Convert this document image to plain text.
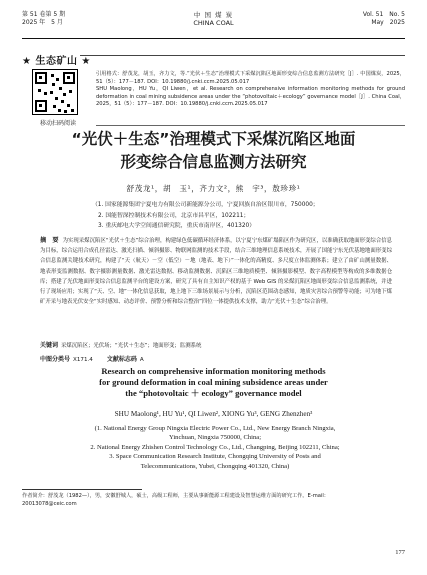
第 51 卷第 5 期
2025 年　5 月
中 国 煤 炭
CHINA COAL
Vol. 51　No. 5
May　2025
★ 生态矿山 ★
移动扫码阅读
引用格式：舒茂龙，胡玉，齐力文，等.“光伏＋生态”治理模式下采煤沉陷区地面形变综合信息监测方法研究［J］. 中国煤炭，2025，51（5）：177－187. DOI：10.19880/j.cnki.ccm.2025.05.017
SHU Maolong，HU Yu，QI Liwen，et al. Research on comprehensive information monitoring methods for ground deformation in coal mining subsidence areas under the “photovoltaic＋ecology” governance model［J］. China Coal，2025，51（5）：177－187. DOI：10.19880/j.cnki.ccm.2025.05.017
“光伏＋生态”治理模式下采煤沉陷区地面
形变综合信息监测方法研究
舒茂龙¹，胡　玉¹，齐力文²，熊　宇³，敖珍珍¹
（1. 国家能源集团宁夏电力有限公司新能源分公司，宁夏回族自治区银川市，750000；
2. 国能智深控制技术有限公司，北京市昌平区，102211；
3. 重庆邮电大学空间通信研究院，重庆市南岸区，401320）
摘　要 为实现采煤沉陷区“光伏＋生态”综合治理，构建绿色低碳循环经济体系，以宁夏宁东煤矿塌陷区作为研究区，以准确获取地面形变综合信息为目标，综合运用合成孔径雷达、激光扫描、倾斜摄影、物联网监测的技术手段，结合三维地理信息系统技术，开展了国能宁东光伏基地地面形变综合信息监测关键技术研究，构建了“天（航天）－空（低空）－地（地表、地下）”一体化的高精度、多尺度立体监测体系；建立了由矿山测量数据、地表形变监测数据、数字摄影测量数据、激光雷达数据、移动监测数据、沉陷区三维地质模型、倾斜摄影模型、数字高程模型等构成的多维数据仓库；搭建了光伏地面形变综合信息监测平台的建设方案，研究了具有自主知识产权的基于 Web GIS 的采煤沉陷区地面形变综合信息监测系统，并进行了现场应用；实现了“天、空、地”一体化信息获取，地上地下三维场景展示与分析，沉陷区范围动态感知，地质灾害综合预警等功能；可为地下煤矿开采与地表光伏安全“实时感知、动态评价、预警分析和综合整治”四位一体提供技术支撑，助力“光伏＋生态”综合治理。
关键词 采煤沉陷区；光伏场；“光伏＋生态”；地面形变；监测系统
中图分类号 X171.4 文献标志码 A
Research on comprehensive information monitoring methods
for ground deformation in coal mining subsidence areas under
the “photovoltaic ＋ ecology” governance model
SHU Maolong¹, HU Yu¹, QI Liwen², XIONG Yu³, GENG Zhenzhen³
(1. National Energy Group Ningxia Electric Power Co., Ltd., New Energy Branch Ningxia,
Yinchuan, Ningxia 750000, China;
2. National Energy Zhishen Control Technology Co., Ltd., Changping, Beijing 102211, China;
3. Space Communication Research Institute, Chongqing University of Posts and
Telecommunications, Yubei, Chongqing 401320, China)
作者简介：舒茂龙（1982—），男，安徽舒城人，硕士，高级工程师，主要从事新能源工程建设及智慧运维方面的研究工作。E-mail：
20013078@ceic.com
177
